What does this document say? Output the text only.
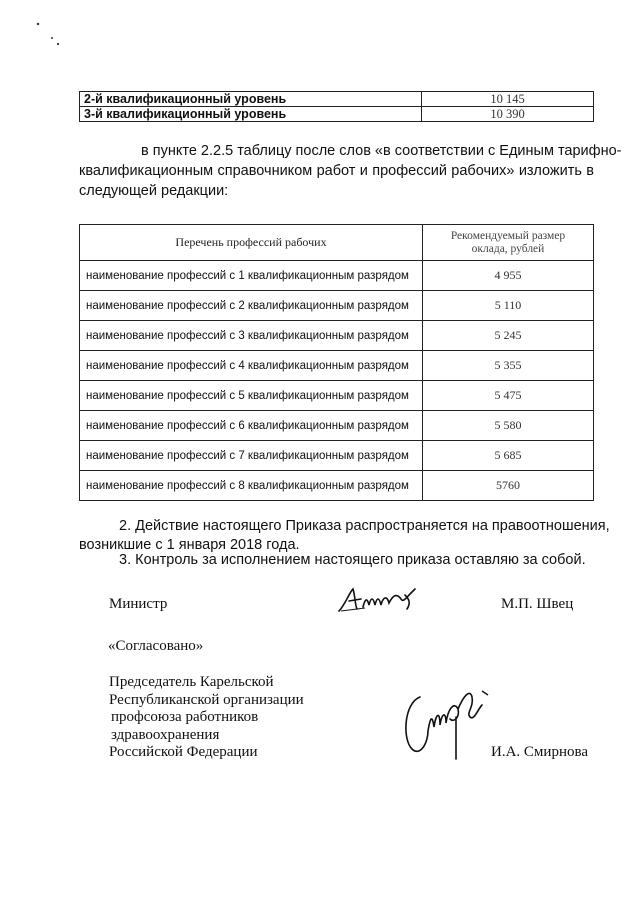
2-й квалификационный уровень	10 145
3-й квалификационный уровень	10 390
в пункте 2.2.5 таблицу после слов «в соответствии с Единым тарифно-
квалификационным справочником работ и профессий рабочих» изложить в
следующей редакции:
Перечень профессий рабочих	Рекомендуемый размер
оклада, рублей

наименование профессий с 1 квалификационным разрядом	4 955
наименование профессий с 2 квалификационным разрядом	5 110
наименование профессий с 3 квалификационным разрядом	5 245
наименование профессий с 4 квалификационным разрядом	5 355
наименование профессий с 5 квалификационным разрядом	5 475
наименование профессий с 6 квалификационным разрядом	5 580
наименование профессий с 7 квалификационным разрядом	5 685
наименование профессий с 8 квалификационным разрядом	5760
2. Действие настоящего Приказа распространяется на правоотношения,
возникшие с 1 января 2018 года.
3. Контроль за исполнением настоящего приказа оставляю за собой.
Министр	М.П. Швец
«Согласовано»
Председатель Карельской
Республиканской организации
профсоюза работников
здравоохранения
Российской Федерации	И.А. Смирнова
